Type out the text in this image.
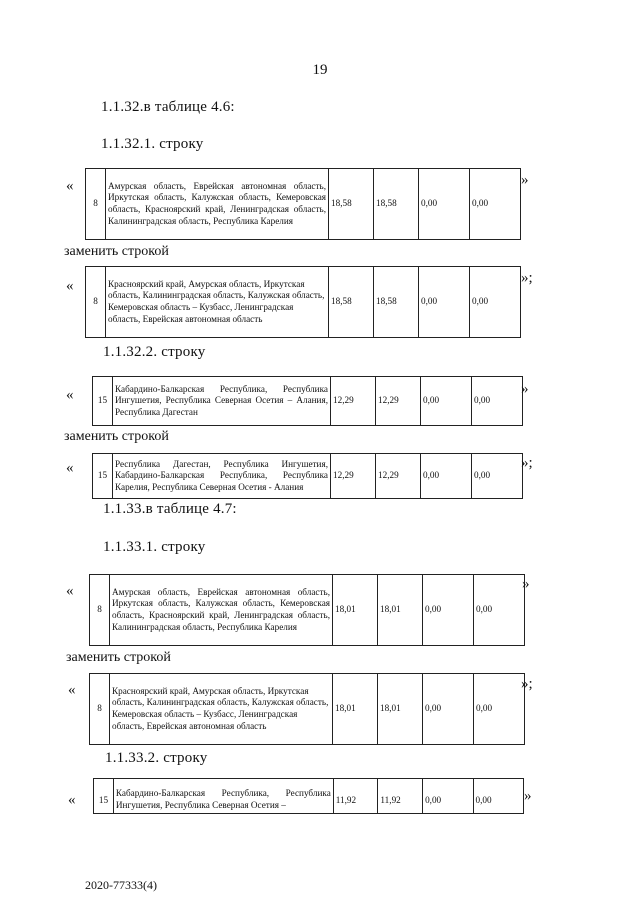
19
1.1.32.в таблице 4.6:
1.1.32.1. строку
«
8	Амурская область, Еврейская автономная область, Иркутская область, Калужская область, Кемеровская область, Красноярский край, Ленинградская область, Калининградская область, Республика Карелия	18,58	18,58	0,00	0,00
»
заменить строкой
«
8	Красноярский край, Амурская область, Иркутская область, Калининградская область, Калужская область, Кемеровская область – Кузбасс, Ленинградская область, Еврейская автономная область	18,58	18,58	0,00	0,00
»;
1.1.32.2. строку
«	15	Кабардино-Балкарская Республика, Республика Ингушетия, Республика Северная Осетия – Алания, Республика Дагестан	12,29	12,29	0,00	0,00
»
заменить строкой
«	15	Республика Дагестан, Республика Ингушетия, Кабардино-Балкарская Республика, Республика Карелия, Республика Северная Осетия - Алания	12,29	12,29	0,00	0,00
»;
1.1.33.в таблице 4.7:
1.1.33.1. строку
«
8	Амурская область, Еврейская автономная область, Иркутская область, Калужская область, Кемеровская область, Красноярский край, Ленинградская область, Калининградская область, Республика Карелия	18,01	18,01	0,00	0,00
»
заменить строкой
«
8	Красноярский край, Амурская область, Иркутская область, Калининградская область, Калужская область, Кемеровская область – Кузбасс, Ленинградская область, Еврейская автономная область	18,01	18,01	0,00	0,00
»;
1.1.33.2. строку
«	15	Кабардино-Балкарская Республика, Республика Ингушетия, Республика Северная Осетия –	11,92	11,92	0,00	0,00 »
2020-77333(4)
